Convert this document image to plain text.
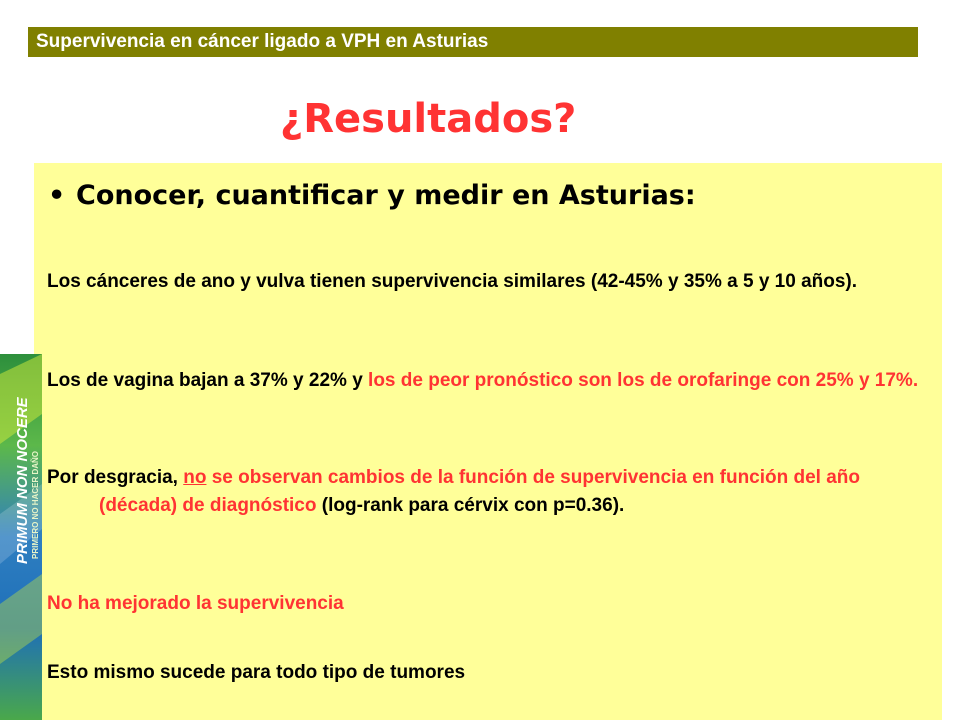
Supervivencia en cáncer ligado a VPH en Asturias
¿Resultados?
• Conocer, cuantificar y medir en Asturias:
Los cánceres de ano y vulva tienen supervivencia similares (42-45% y 35% a 5 y 10 años).
Los de vagina bajan a 37% y 22% y los de peor pronóstico son los de orofaringe con 25% y 17%.
Por desgracia, no se observan cambios de la función de supervivencia en función del año (década) de diagnóstico (log-rank para cérvix con p=0.36).
No ha mejorado la supervivencia
Esto mismo sucede para todo tipo de tumores
PRIMUM NON NOCERE PRIMERO NO HACER DAÑO
